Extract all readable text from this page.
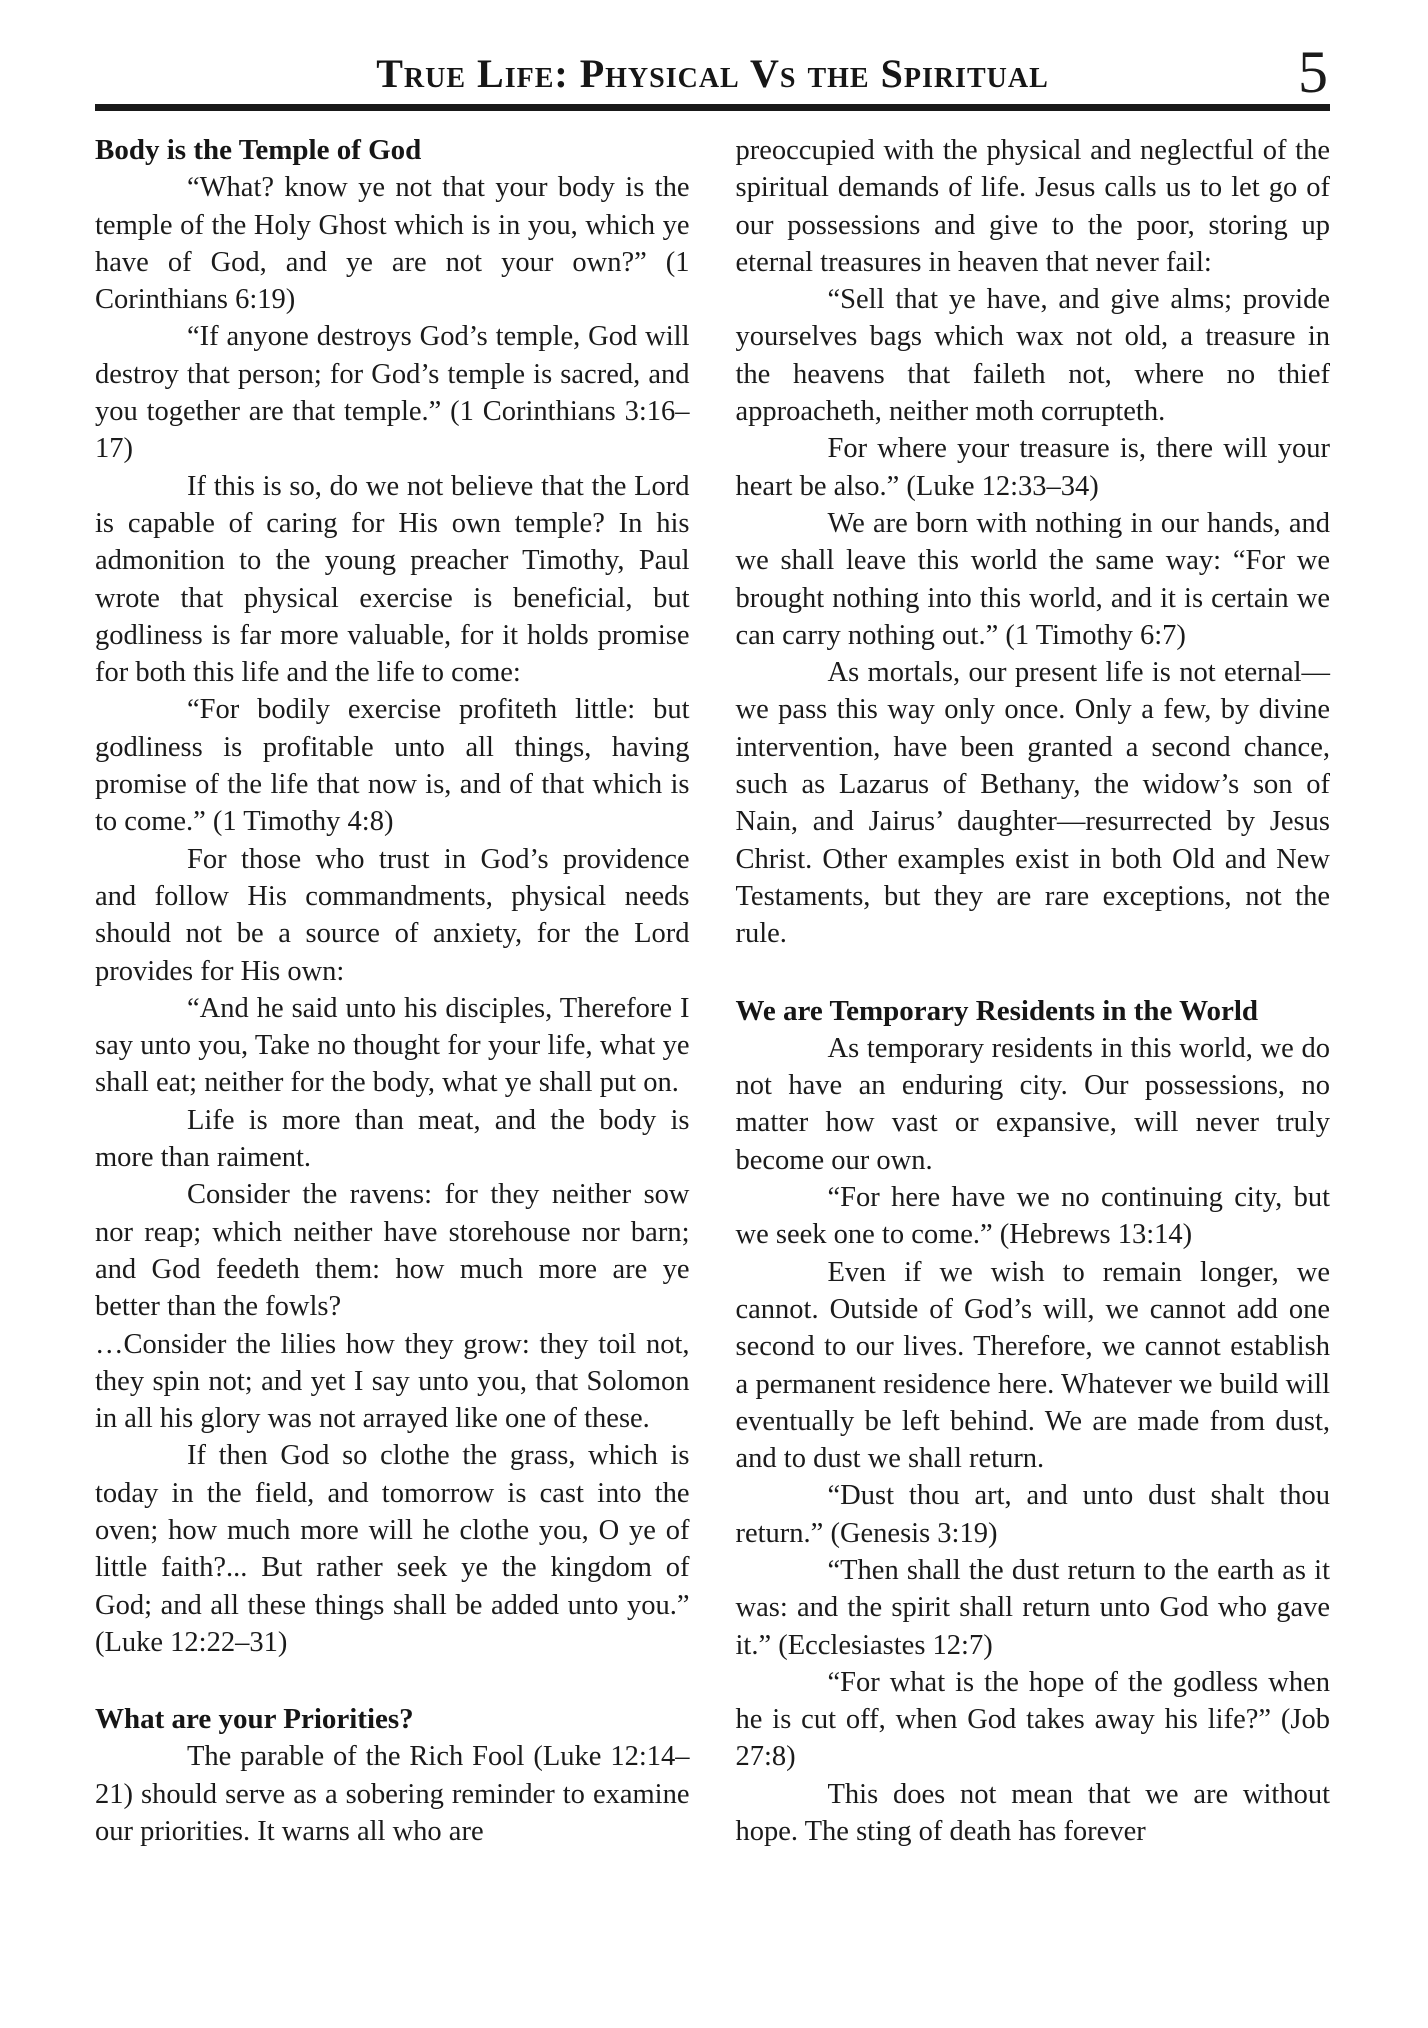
True Life: Physical Vs the Spiritual	5
Body is the Temple of God

“What? know ye not that your body is the temple of the Holy Ghost which is in you, which ye have of God, and ye are not your own?” (1 Corinthians 6:19)

“If anyone destroys God’s temple, God will destroy that person; for God’s temple is sacred, and you together are that temple.” (1 Corinthians 3:16–17)

If this is so, do we not believe that the Lord is capable of caring for His own temple? In his admonition to the young preacher Timothy, Paul wrote that physical exercise is beneficial, but godliness is far more valuable, for it holds promise for both this life and the life to come:

“For bodily exercise profiteth little: but godliness is profitable unto all things, having promise of the life that now is, and of that which is to come.” (1 Timothy 4:8)

For those who trust in God’s providence and follow His commandments, physical needs should not be a source of anxiety, for the Lord provides for His own:

“And he said unto his disciples, Therefore I say unto you, Take no thought for your life, what ye shall eat; neither for the body, what ye shall put on.

Life is more than meat, and the body is more than raiment.

Consider the ravens: for they neither sow nor reap; which neither have storehouse nor barn; and God feedeth them: how much more are ye better than the fowls?

…Consider the lilies how they grow: they toil not, they spin not; and yet I say unto you, that Solomon in all his glory was not arrayed like one of these.

If then God so clothe the grass, which is today in the field, and tomorrow is cast into the oven; how much more will he clothe you, O ye of little faith?... But rather seek ye the kingdom of God; and all these things shall be added unto you.” (Luke 12:22–31)

What are your Priorities?

The parable of the Rich Fool (Luke 12:14–21) should serve as a sobering reminder to examine our priorities. It warns all who are

preoccupied with the physical and neglectful of the spiritual demands of life. Jesus calls us to let go of our possessions and give to the poor, storing up eternal treasures in heaven that never fail:

“Sell that ye have, and give alms; provide yourselves bags which wax not old, a treasure in the heavens that faileth not, where no thief approacheth, neither moth corrupteth.

For where your treasure is, there will your heart be also.” (Luke 12:33–34)

We are born with nothing in our hands, and we shall leave this world the same way: “For we brought nothing into this world, and it is certain we can carry nothing out.” (1 Timothy 6:7)

As mortals, our present life is not eternal—we pass this way only once. Only a few, by divine intervention, have been granted a second chance, such as Lazarus of Bethany, the widow’s son of Nain, and Jairus’ daughter—resurrected by Jesus Christ. Other examples exist in both Old and New Testaments, but they are rare exceptions, not the rule.

We are Temporary Residents in the World

As temporary residents in this world, we do not have an enduring city. Our possessions, no matter how vast or expansive, will never truly become our own.

“For here have we no continuing city, but we seek one to come.” (Hebrews 13:14)

Even if we wish to remain longer, we cannot. Outside of God’s will, we cannot add one second to our lives. Therefore, we cannot establish a permanent residence here. Whatever we build will eventually be left behind. We are made from dust, and to dust we shall return.

“Dust thou art, and unto dust shalt thou return.” (Genesis 3:19)

“Then shall the dust return to the earth as it was: and the spirit shall return unto God who gave it.” (Ecclesiastes 12:7)

“For what is the hope of the godless when he is cut off, when God takes away his life?” (Job 27:8)

This does not mean that we are without hope. The sting of death has forever
